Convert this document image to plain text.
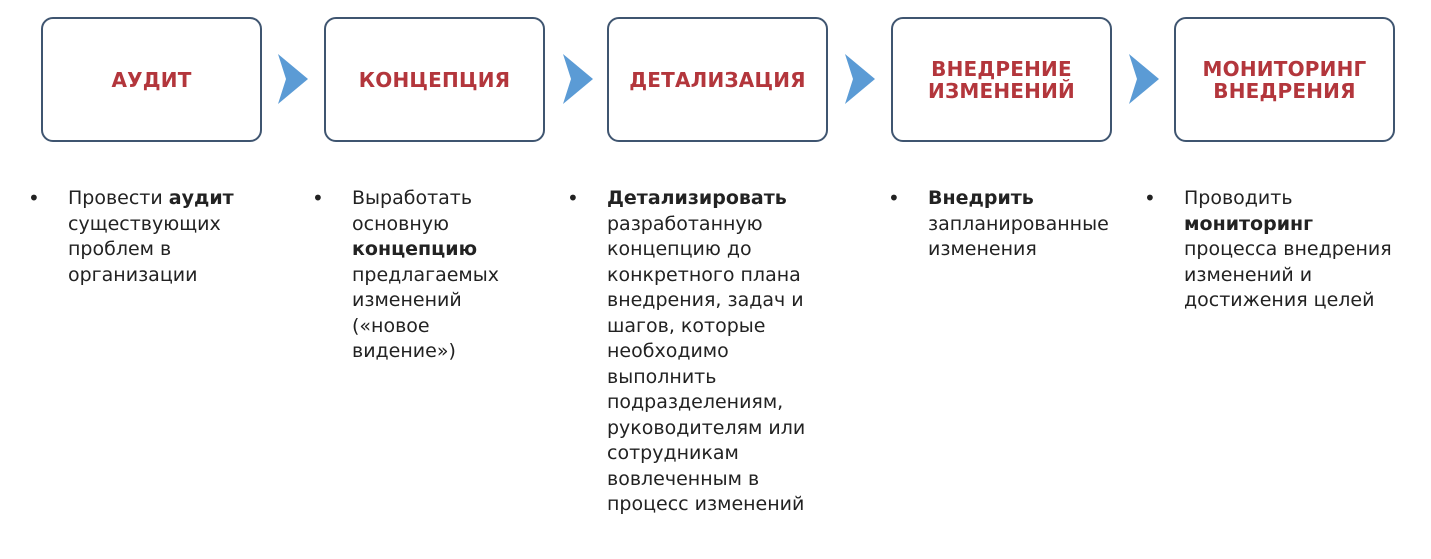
АУДИТ	КОНЦЕПЦИЯ	ДЕТАЛИЗАЦИЯ	ВНЕДРЕНИЕ
ИЗМЕНЕНИЙ
МОНИТОРИНГ
ВНЕДРЕНИЯ
• Провести аудит
существующих
проблем в
организации
• Выработать
основную
концепцию
предлагаемых
изменений
(«новое
видение»)
• Детализировать
разработанную
концепцию до
конкретного плана
внедрения, задач и
шагов, которые
необходимо
выполнить
подразделениям,
руководителям или
сотрудникам
вовлеченным в
процесс изменений
• Внедрить
запланированные
изменения
• Проводить
мониторинг
процесса внедрения
изменений и
достижения целей
